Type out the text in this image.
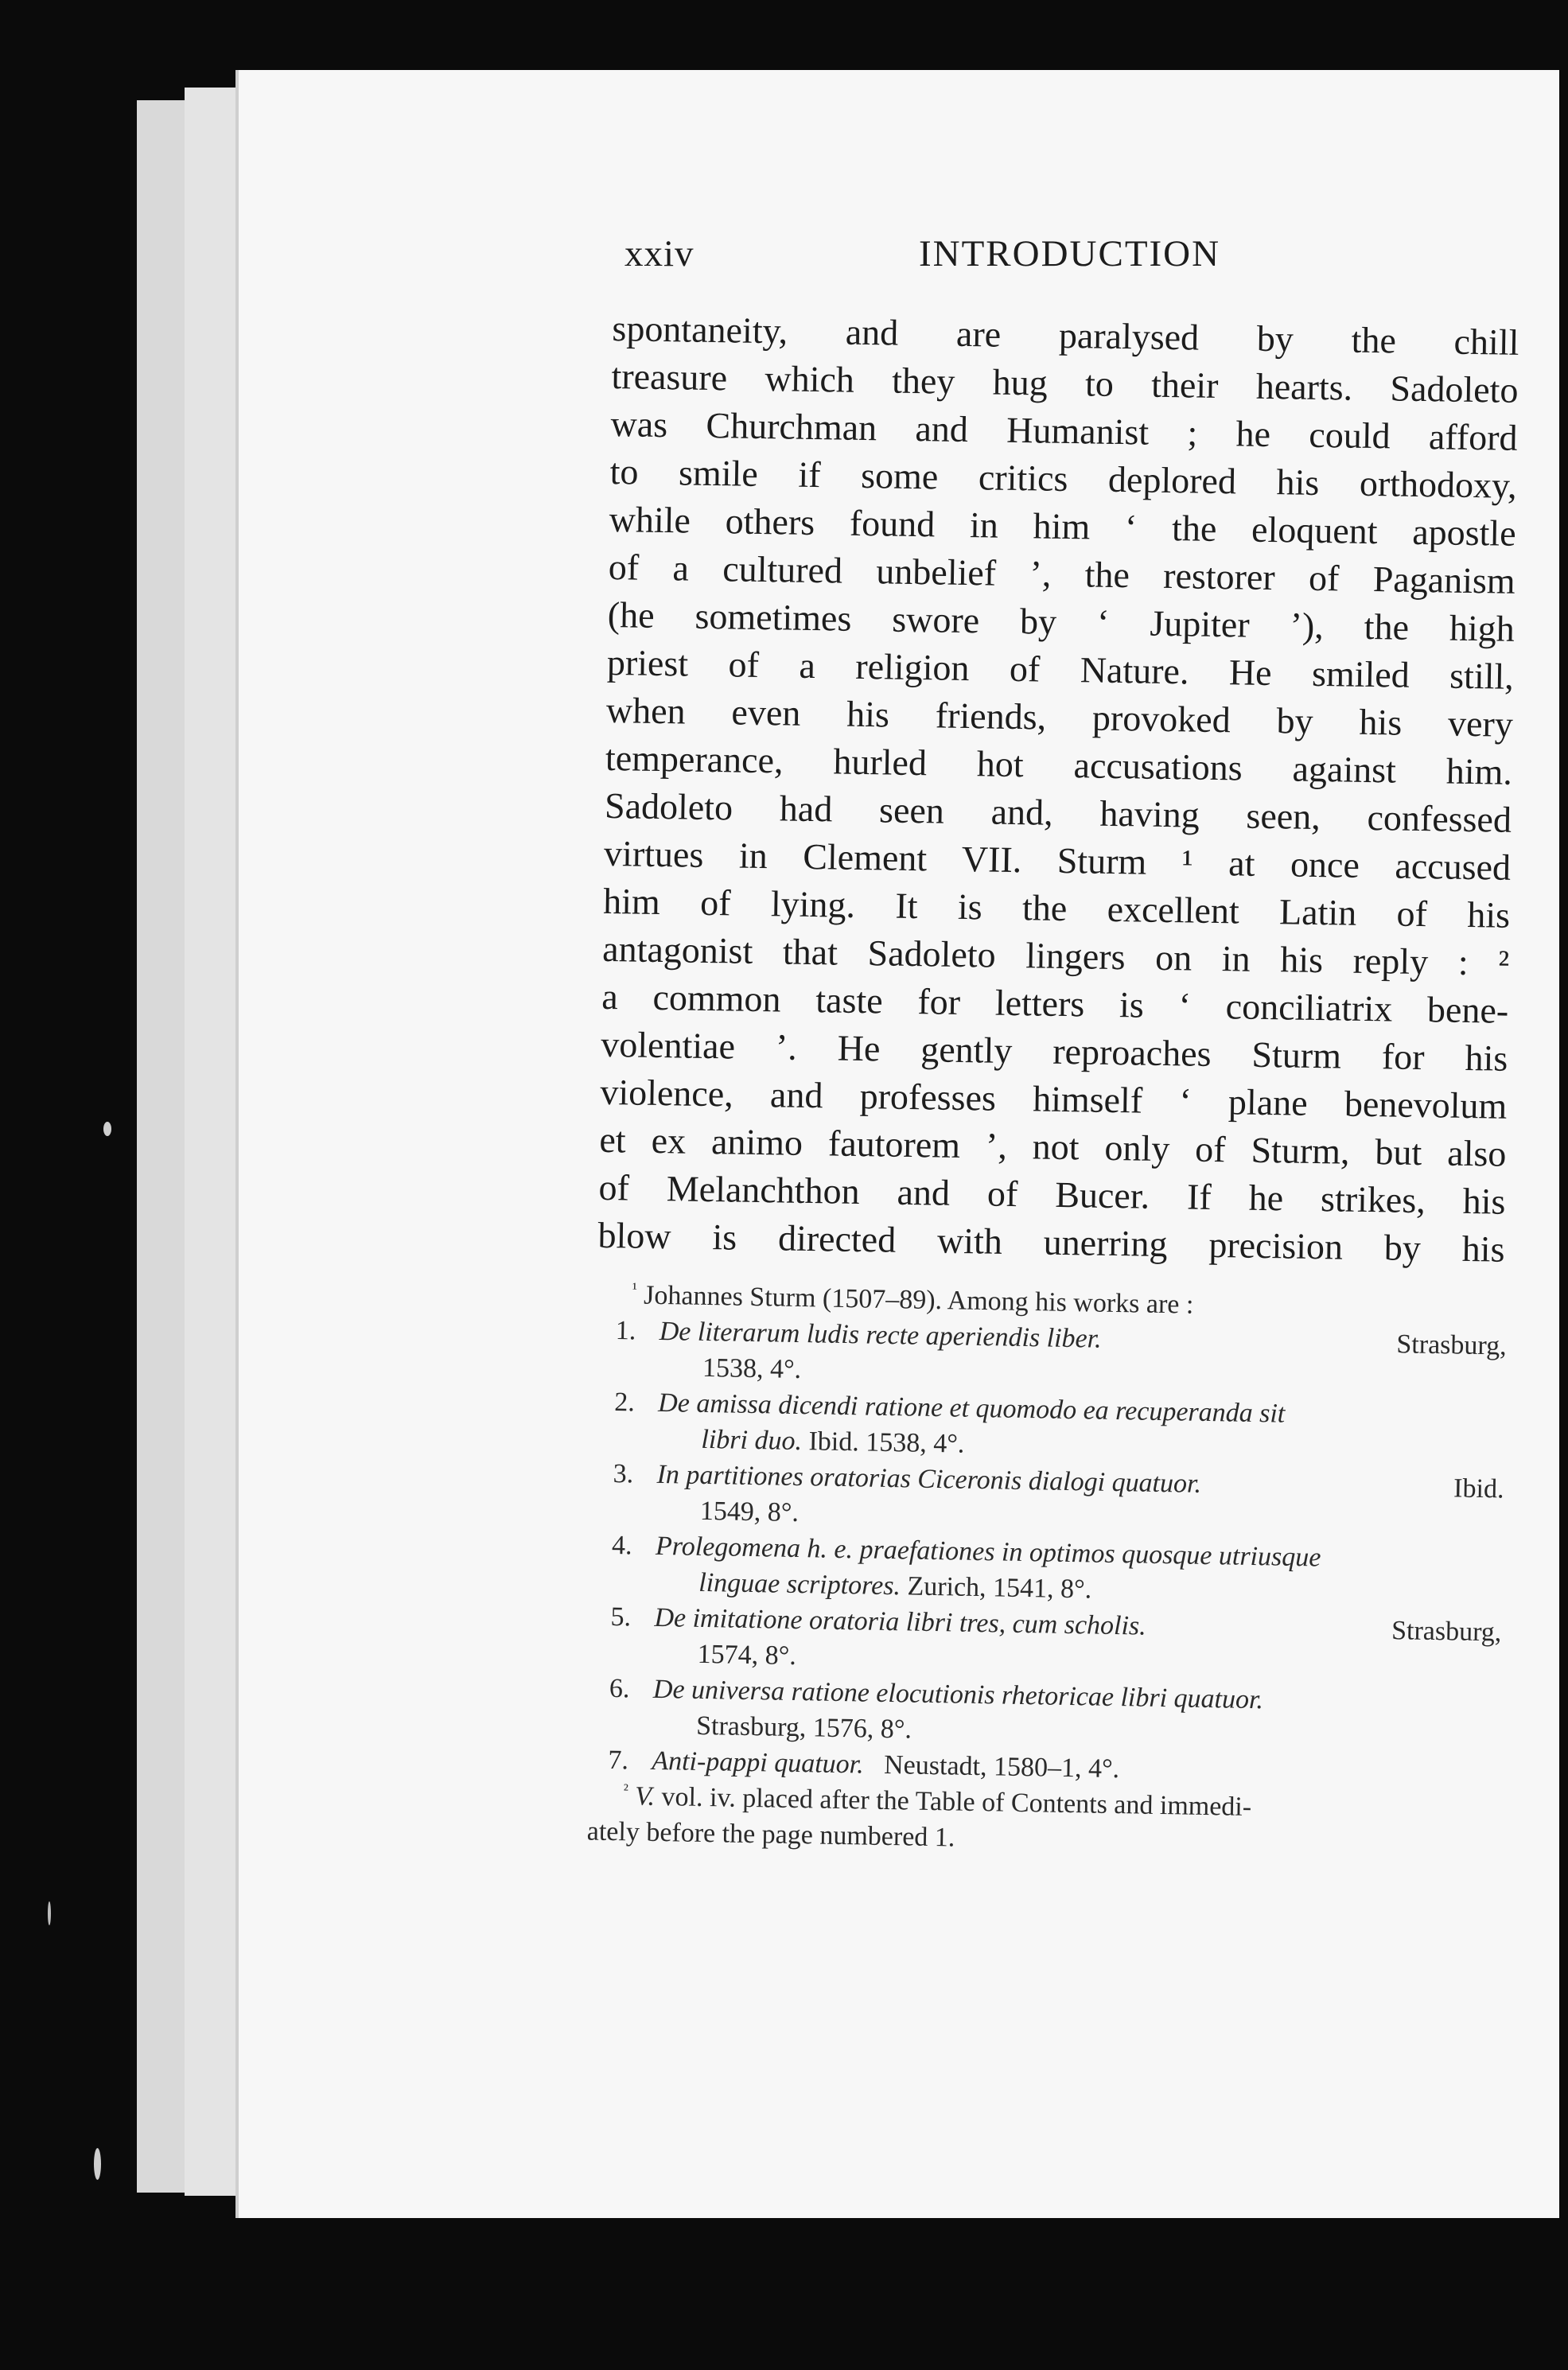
xxiv	INTRODUCTION
spontaneity, and are paralysed by the chill
treasure which they hug to their hearts. Sadoleto
was Churchman and Humanist ; he could afford
to smile if some critics deplored his orthodoxy,
while others found in him ‘ the eloquent apostle
of a cultured unbelief ’, the restorer of Paganism
(he sometimes swore by ‘ Jupiter ’), the high
priest of a religion of Nature. He smiled still,
when even his friends, provoked by his very
temperance, hurled hot accusations against him.
Sadoleto had seen and, having seen, confessed
virtues in Clement VII. Sturm ¹ at once accused
him of lying. It is the excellent Latin of his
antagonist that Sadoleto lingers on in his reply : ²
a common taste for letters is ‘ conciliatrix bene-
volentiae ’. He gently reproaches Sturm for his
violence, and professes himself ‘ plane benevolum
et ex animo fautorem ’, not only of Sturm, but also
of Melanchthon and of Bucer. If he strikes, his
blow is directed with unerring precision by his
$^{^1}$ Johannes Sturm (1507–89). Among his works are :
1. De literarum ludis recte aperiendis liber.	Strasburg,
1538, 4°.
2. De amissa dicendi ratione et quomodo ea recuperanda sit
libri duo. Ibid. 1538, 4°.
3. In partitiones oratorias Ciceronis dialogi quatuor.	Ibid.
1549, 8°.
4. Prolegomena h. e. praefationes in optimos quosque utriusque
linguae scriptores. Zurich, 1541, 8°.
5. De imitatione oratoria libri tres, cum scholis.	Strasburg,
1574, 8°.
6. De universa ratione elocutionis rhetoricae libri quatuor.
Strasburg, 1576, 8°.
7. Anti-pappi quatuor. Neustadt, 1580–1, 4°.
$^{^2}$ V. vol. iv. placed after the Table of Contents and immedi-
ately before the page numbered 1.
